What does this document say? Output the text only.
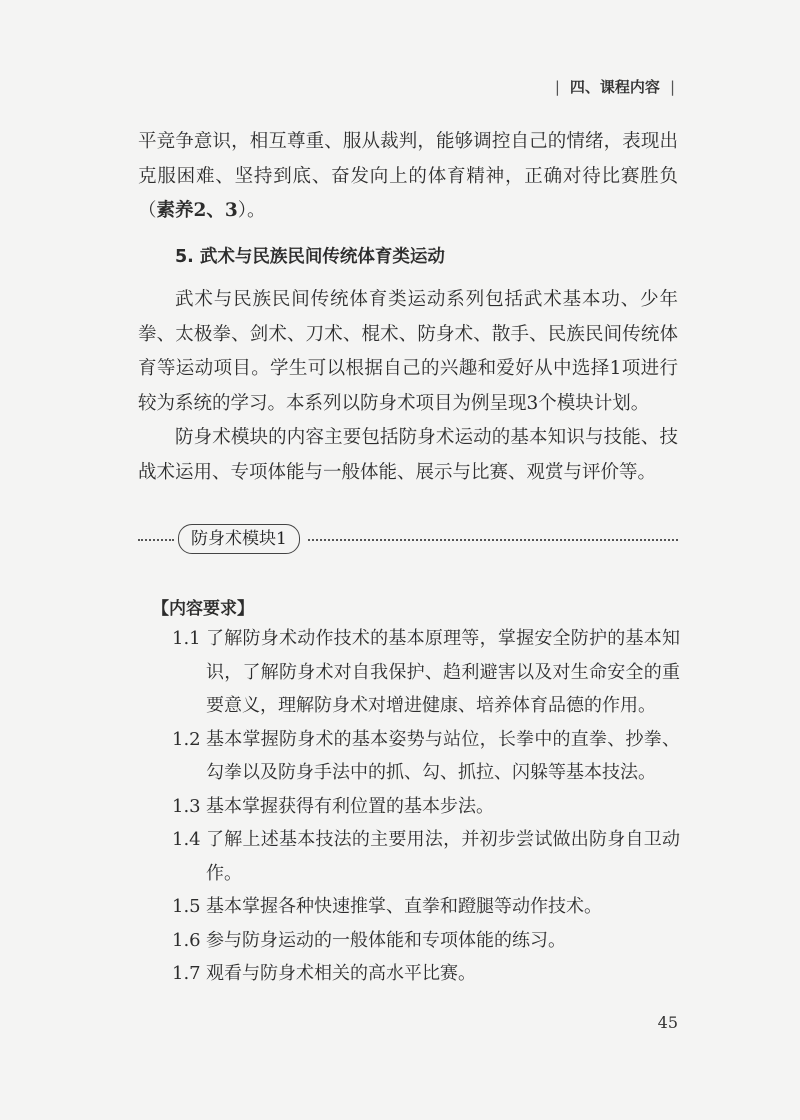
| 四、课程内容 |

平竞争意识，相互尊重、服从裁判，能够调控自己的情绪，表现出克服困难、坚持到底、奋发向上的体育精神，正确对待比赛胜负（素养2、3）。

5. 武术与民族民间传统体育类运动

武术与民族民间传统体育类运动系列包括武术基本功、少年拳、太极拳、剑术、刀术、棍术、防身术、散手、民族民间传统体育等运动项目。学生可以根据自己的兴趣和爱好从中选择1项进行较为系统的学习。本系列以防身术项目为例呈现3个模块计划。

防身术模块的内容主要包括防身术运动的基本知识与技能、技战术运用、专项体能与一般体能、展示与比赛、观赏与评价等。

防身术模块1
【内容要求】
1.1 了解防身术动作技术的基本原理等，掌握安全防护的基本知识，了解防身术对自我保护、趋利避害以及对生命安全的重要意义，理解防身术对增进健康、培养体育品德的作用。
1.2 基本掌握防身术的基本姿势与站位，长拳中的直拳、抄拳、勾拳以及防身手法中的抓、勾、抓拉、闪躲等基本技法。
1.3 基本掌握获得有利位置的基本步法。
1.4 了解上述基本技法的主要用法，并初步尝试做出防身自卫动作。
1.5 基本掌握各种快速推掌、直拳和蹬腿等动作技术。
1.6 参与防身运动的一般体能和专项体能的练习。
1.7 观看与防身术相关的高水平比赛。
45
